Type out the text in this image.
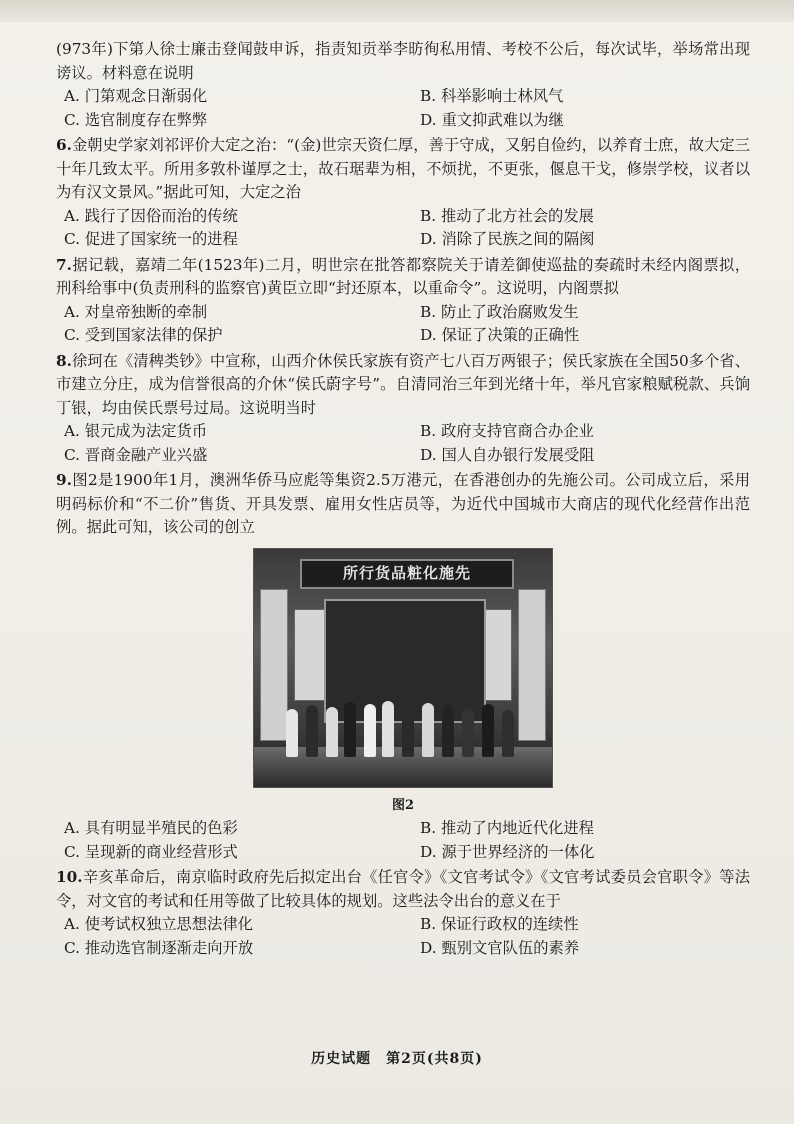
(973年)下第人徐士廉击登闻鼓申诉，指责知贡举李昉徇私用情、考校不公后，每次试毕，举场常出现谤议。材料意在说明

A. 门第观念日渐弱化	B. 科举影响士林风气
C. 选官制度存在弊弊	D. 重文抑武难以为继

6.金朝史学家刘祁评价大定之治：“(金)世宗天资仁厚，善于守成，又躬自俭约，以养育士庶，故大定三十年几致太平。所用多敦朴谨厚之士，故石琚辈为相，不烦扰，不更张，偃息干戈，修崇学校，议者以为有汉文景风。”据此可知，大定之治

A. 践行了因俗而治的传统	B. 推动了北方社会的发展
C. 促进了国家统一的进程	D. 消除了民族之间的隔阂

7.据记载，嘉靖二年(1523年)二月，明世宗在批答都察院关于请差御使巡盐的奏疏时未经内阁票拟，刑科给事中(负责刑科的监察官)黄臣立即“封还原本，以重命令”。这说明，内阁票拟

A. 对皇帝独断的牵制	B. 防止了政治腐败发生
C. 受到国家法律的保护	D. 保证了决策的正确性

8.徐珂在《清稗类钞》中宣称，山西介休侯氏家族有资产七八百万两银子；侯氏家族在全国50多个省、市建立分庄，成为信誉很高的介休“侯氏蔚字号”。自清同治三年到光绪十年，举凡官家粮赋税款、兵饷丁银，均由侯氏票号过局。这说明当时

A. 银元成为法定货币	B. 政府支持官商合办企业
C. 晋商金融产业兴盛	D. 国人自办银行发展受阻

9.图2是1900年1月，澳洲华侨马应彪等集资2.5万港元，在香港创办的先施公司。公司成立后，采用明码标价和“不二价”售货、开具发票、雇用女性店员等，为近代中国城市大商店的现代化经营作出范例。据此可知，该公司的创立

所行货品粧化施先
图2
A. 具有明显半殖民的色彩	B. 推动了内地近代化进程
C. 呈现新的商业经营形式	D. 源于世界经济的一体化

10.辛亥革命后，南京临时政府先后拟定出台《任官令》《文官考试令》《文官考试委员会官职令》等法令，对文官的考试和任用等做了比较具体的规划。这些法令出台的意义在于

A. 使考试权独立思想法律化	B. 保证行政权的连续性
C. 推动选官制逐渐走向开放	D. 甄别文官队伍的素养
历史试题　第2页(共8页)
